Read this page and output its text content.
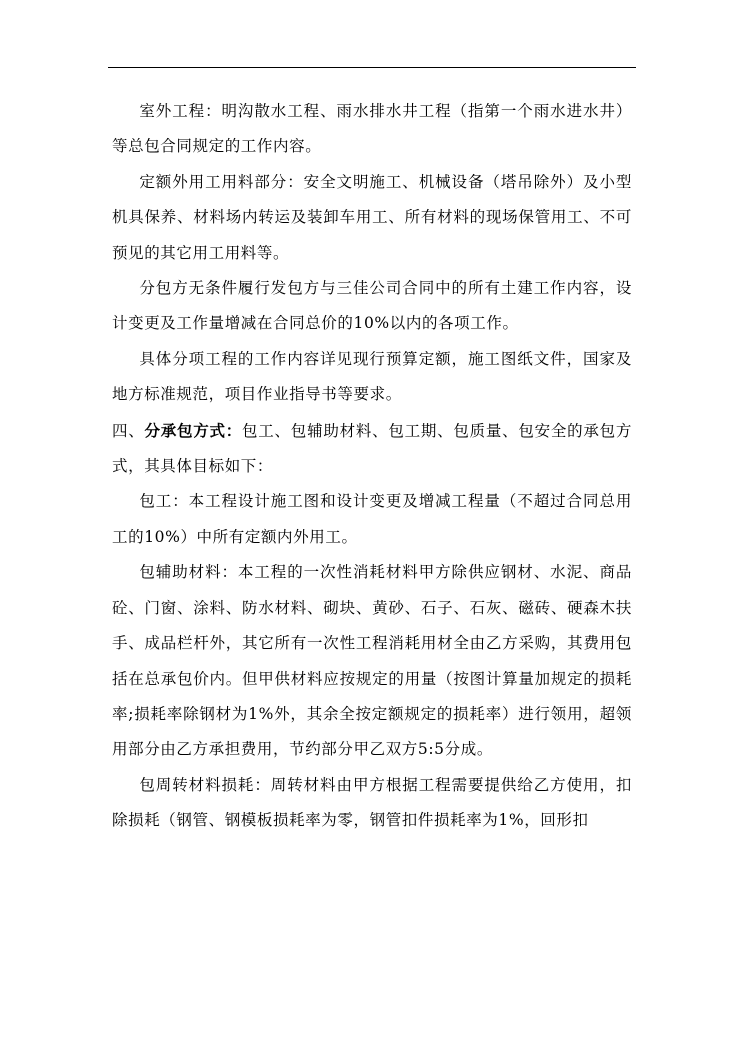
室外工程：明沟散水工程、雨水排水井工程（指第一个雨水进水井）等总包合同规定的工作内容。

定额外用工用料部分：安全文明施工、机械设备（塔吊除外）及小型机具保养、材料场内转运及装卸车用工、所有材料的现场保管用工、不可预见的其它用工用料等。

分包方无条件履行发包方与三佳公司合同中的所有土建工作内容，设计变更及工作量增减在合同总价的10%以内的各项工作。

具体分项工程的工作内容详见现行预算定额，施工图纸文件，国家及地方标准规范，项目作业指导书等要求。

四、分承包方式：包工、包辅助材料、包工期、包质量、包安全的承包方式，其具体目标如下：

包工：本工程设计施工图和设计变更及增减工程量（不超过合同总用工的10%）中所有定额内外用工。

包辅助材料：本工程的一次性消耗材料甲方除供应钢材、水泥、商品砼、门窗、涂料、防水材料、砌块、黄砂、石子、石灰、磁砖、硬森木扶手、成品栏杆外，其它所有一次性工程消耗用材全由乙方采购，其费用包括在总承包价内。但甲供材料应按规定的用量（按图计算量加规定的损耗率;损耗率除钢材为1%外，其余全按定额规定的损耗率）进行领用，超领用部分由乙方承担费用，节约部分甲乙双方5:5分成。

包周转材料损耗：周转材料由甲方根据工程需要提供给乙方使用，扣除损耗（钢管、钢模板损耗率为零，钢管扣件损耗率为1%，回形扣
